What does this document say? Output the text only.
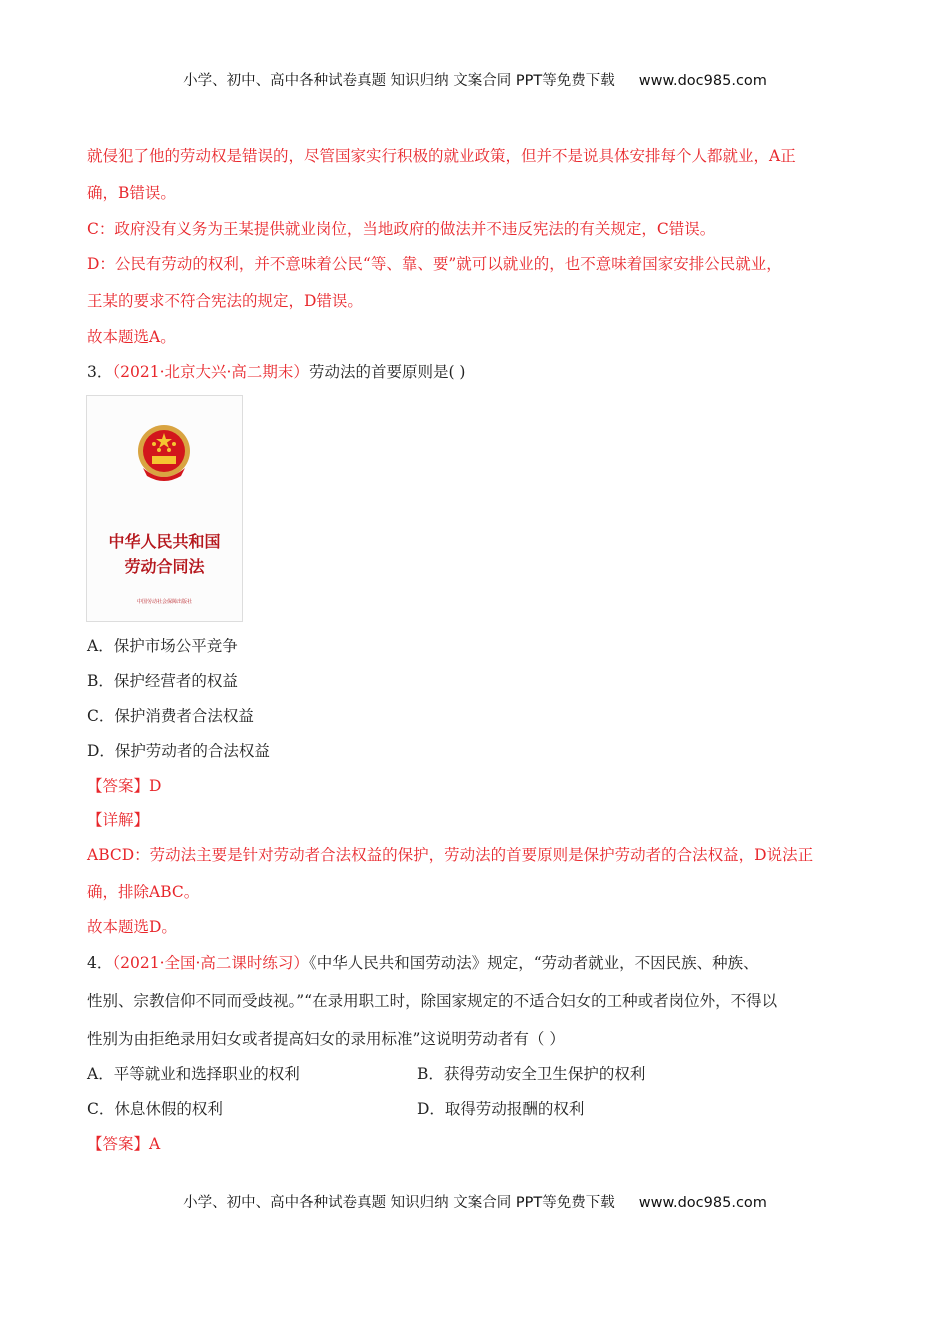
小学、初中、高中各种试卷真题 知识归纳 文案合同 PPT等免费下载 www.doc985.com
就侵犯了他的劳动权是错误的，尽管国家实行积极的就业政策，但并不是说具体安排每个人都就业，A正
确，B错误。
C：政府没有义务为王某提供就业岗位，当地政府的做法并不违反宪法的有关规定，C错误。
D：公民有劳动的权利，并不意味着公民“等、靠、要”就可以就业的，也不意味着国家安排公民就业，
王某的要求不符合宪法的规定，D错误。
故本题选A。
3．（2021·北京大兴·高二期末）劳动法的首要原则是( )
中华人民共和国
劳动合同法
中国劳动社会保障出版社
A．保护市场公平竞争
B．保护经营者的权益
C．保护消费者合法权益
D．保护劳动者的合法权益
【答案】D
【详解】
ABCD：劳动法主要是针对劳动者合法权益的保护，劳动法的首要原则是保护劳动者的合法权益，D说法正
确，排除ABC。
故本题选D。
4．（2021·全国·高二课时练习）《中华人民共和国劳动法》规定，“劳动者就业，不因民族、种族、
性别、宗教信仰不同而受歧视。”“在录用职工时，除国家规定的不适合妇女的工种或者岗位外，不得以
性别为由拒绝录用妇女或者提高妇女的录用标准”这说明劳动者有（ ）
A．平等就业和选择职业的权利	B．获得劳动安全卫生保护的权利
C．休息休假的权利	D．取得劳动报酬的权利
【答案】A
小学、初中、高中各种试卷真题 知识归纳 文案合同 PPT等免费下载 www.doc985.com
